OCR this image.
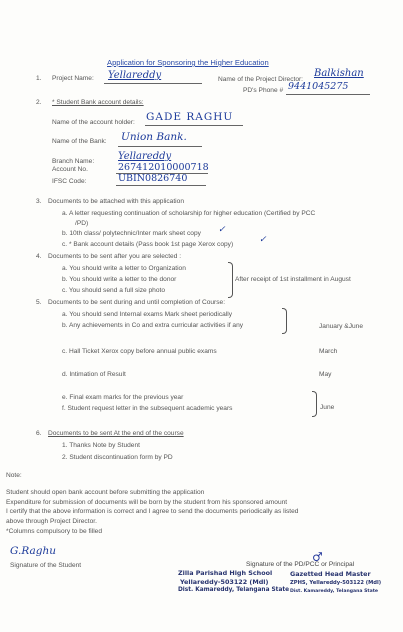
Application for Sponsoring the Higher Education
1. Project Name: Yellareddy	Name of the Project Director:
Balkishan
PD's Phone # 9441045275
2. * Student Bank account details:
Name of the account holder: GADE RAGHU
Name of the Bank: Union Bank.
Branch Name: Yellareddy
Account No.	267412010000718
IFSC Code:	UBIN0826740
3. Documents to be attached with this application
a. A letter requesting continuation of scholarship for higher education (Certified by PCC
/PD)
b. 10th class/ polytechnic/Inter mark sheet copy ✓
c. * Bank account details (Pass book 1st page Xerox copy)	✓
4. Documents to be sent after you are selected :
a. You should write a letter to Organization
b. You should write a letter to the donor
c. You should send a full size photo
After receipt of 1st installment in August
5. Documents to be sent during and until completion of Course:
a. You should send Internal exams Mark sheet periodically
b. Any achievements in Co and extra curricular activities if any	January &June
c. Hall Ticket Xerox copy before annual public exams	March
d. Intimation of Result	May
e. Final exam marks for the previous year
f. Student request letter in the subsequent academic years	June
6. Documents to be sent At the end of the course
1. Thanks Note by Student
2. Student discontinuation form by PD
Note:
Student should open bank account before submitting the application
Expenditure for submission of documents will be born by the student from his sponsored amount
I certify that the above information is correct and I agree to send the documents periodically as listed
above through Project Director.
*Columns compulsory to be filled
G.Raghu
Signature of the Student	Signature of the PD/PCC or Principal
♂
Zilla Parishad High School
Yellareddy-503122 (Mdl)
Dist. Kamareddy, Telangana State
Gazetted Head Master
ZPHS, Yellareddy-503122 (Mdl)
Dist. Kamareddy, Telangana State
